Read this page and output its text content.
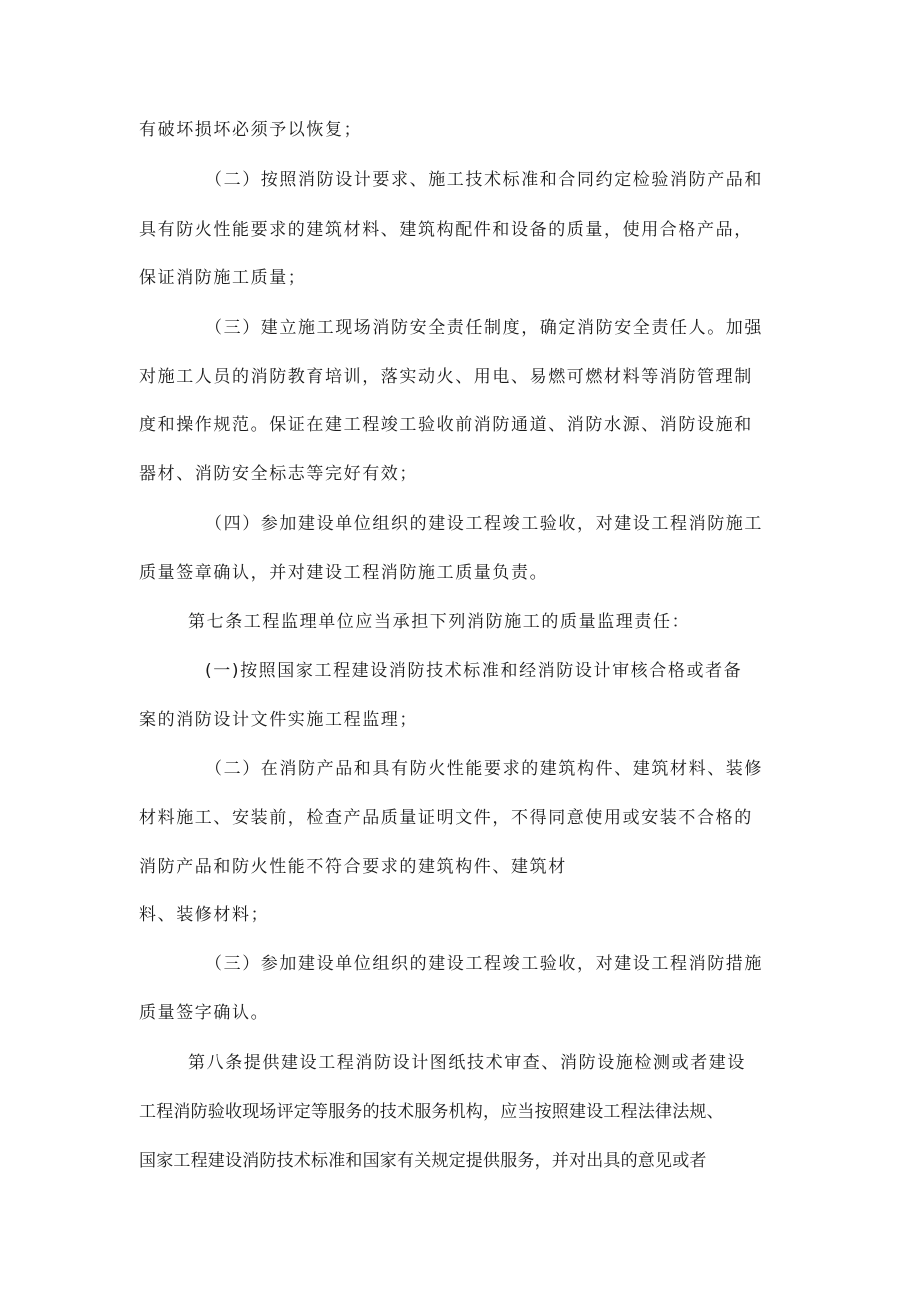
有破坏损坏必须予以恢复；
（二）按照消防设计要求、施工技术标准和合同约定检验消防产品和
具有防火性能要求的建筑材料、建筑构配件和设备的质量，使用合格产品，
保证消防施工质量；
（三）建立施工现场消防安全责任制度，确定消防安全责任人。加强
对施工人员的消防教育培训，落实动火、用电、易燃可燃材料等消防管理制
度和操作规范。保证在建工程竣工验收前消防通道、消防水源、消防设施和
器材、消防安全标志等完好有效；
（四）参加建设单位组织的建设工程竣工验收，对建设工程消防施工
质量签章确认，并对建设工程消防施工质量负责。
第七条工程监理单位应当承担下列消防施工的质量监理责任：
(一)按照国家工程建设消防技术标准和经消防设计审核合格或者备
案的消防设计文件实施工程监理；
（二）在消防产品和具有防火性能要求的建筑构件、建筑材料、装修
材料施工、安装前，检查产品质量证明文件，不得同意使用或安装不合格的
消防产品和防火性能不符合要求的建筑构件、建筑材
料、装修材料；
（三）参加建设单位组织的建设工程竣工验收，对建设工程消防措施
质量签字确认。
第八条提供建设工程消防设计图纸技术审查、消防设施检测或者建设
工程消防验收现场评定等服务的技术服务机构，应当按照建设工程法律法规、
国家工程建设消防技术标准和国家有关规定提供服务，并对出具的意见或者
